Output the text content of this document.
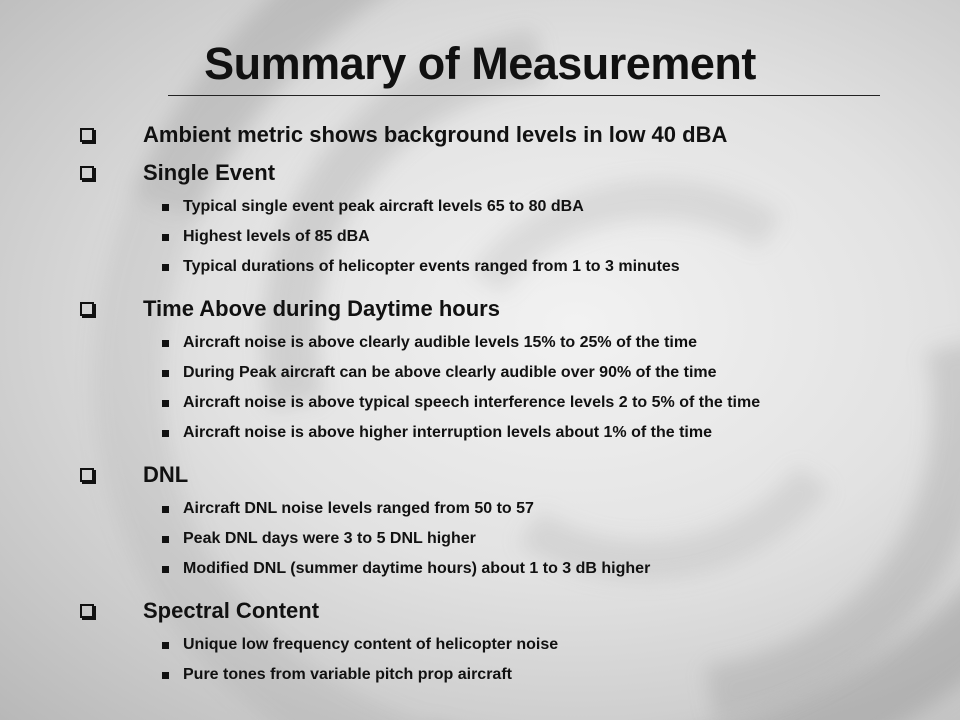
Summary of Measurement
Ambient metric shows background levels in low 40 dBA
Single Event
Typical single event peak aircraft levels 65 to 80 dBA
Highest levels of 85 dBA
Typical durations of helicopter events ranged from 1 to 3 minutes
Time Above during Daytime hours
Aircraft noise is above clearly audible levels 15% to 25% of the time
During Peak aircraft can be above clearly audible over 90% of the time
Aircraft noise is above typical speech interference levels 2 to 5% of the time
Aircraft noise is above higher interruption levels about 1% of the time
DNL
Aircraft DNL noise levels ranged from 50 to 57
Peak DNL days were 3 to 5 DNL higher
Modified DNL (summer daytime hours) about 1 to 3 dB higher
Spectral Content
Unique low frequency content of helicopter noise
Pure tones from variable pitch prop aircraft
